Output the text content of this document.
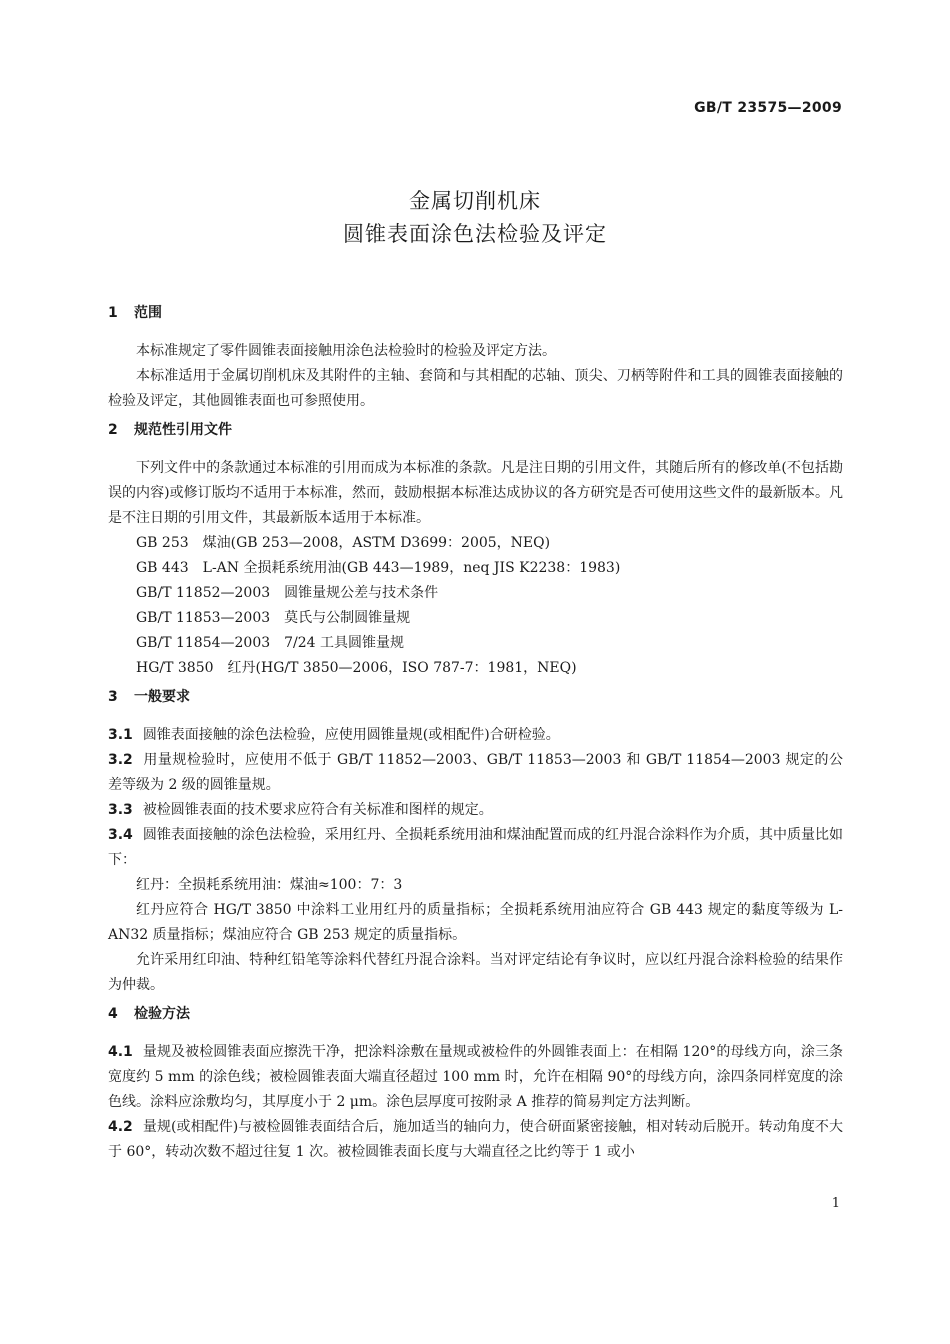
GB/T 23575—2009
金属切削机床
圆锥表面涂色法检验及评定
1 范围

本标准规定了零件圆锥表面接触用涂色法检验时的检验及评定方法。

本标准适用于金属切削机床及其附件的主轴、套筒和与其相配的芯轴、顶尖、刀柄等附件和工具的圆锥表面接触的检验及评定，其他圆锥表面也可参照使用。

2 规范性引用文件

下列文件中的条款通过本标准的引用而成为本标准的条款。凡是注日期的引用文件，其随后所有的修改单(不包括勘误的内容)或修订版均不适用于本标准，然而，鼓励根据本标准达成协议的各方研究是否可使用这些文件的最新版本。凡是不注日期的引用文件，其最新版本适用于本标准。

GB 253　煤油(GB 253—2008，ASTM D3699：2005，NEQ)

GB 443　L-AN 全损耗系统用油(GB 443—1989，neq JIS K2238：1983)

GB/T 11852—2003　圆锥量规公差与技术条件

GB/T 11853—2003　莫氏与公制圆锥量规

GB/T 11854—2003　7/24 工具圆锥量规

HG/T 3850　红丹(HG/T 3850—2006，ISO 787-7：1981，NEQ)

3 一般要求

3.1 圆锥表面接触的涂色法检验，应使用圆锥量规(或相配件)合研检验。

3.2 用量规检验时，应使用不低于 GB/T 11852—2003、GB/T 11853—2003 和 GB/T 11854—2003 规定的公差等级为 2 级的圆锥量规。

3.3 被检圆锥表面的技术要求应符合有关标准和图样的规定。

3.4 圆锥表面接触的涂色法检验，采用红丹、全损耗系统用油和煤油配置而成的红丹混合涂料作为介质，其中质量比如下：

红丹：全损耗系统用油：煤油≈100：7：3

红丹应符合 HG/T 3850 中涂料工业用红丹的质量指标；全损耗系统用油应符合 GB 443 规定的黏度等级为 L-AN32 质量指标；煤油应符合 GB 253 规定的质量指标。

允许采用红印油、特种红铅笔等涂料代替红丹混合涂料。当对评定结论有争议时，应以红丹混合涂料检验的结果作为仲裁。

4 检验方法

4.1 量规及被检圆锥表面应擦洗干净，把涂料涂敷在量规或被检件的外圆锥表面上：在相隔 120°的母线方向，涂三条宽度约 5 mm 的涂色线；被检圆锥表面大端直径超过 100 mm 时，允许在相隔 90°的母线方向，涂四条同样宽度的涂色线。涂料应涂敷均匀，其厚度小于 2 μm。涂色层厚度可按附录 A 推荐的简易判定方法判断。

4.2 量规(或相配件)与被检圆锥表面结合后，施加适当的轴向力，使合研面紧密接触，相对转动后脱开。转动角度不大于 60°，转动次数不超过往复 1 次。被检圆锥表面长度与大端直径之比约等于 1 或小

1
